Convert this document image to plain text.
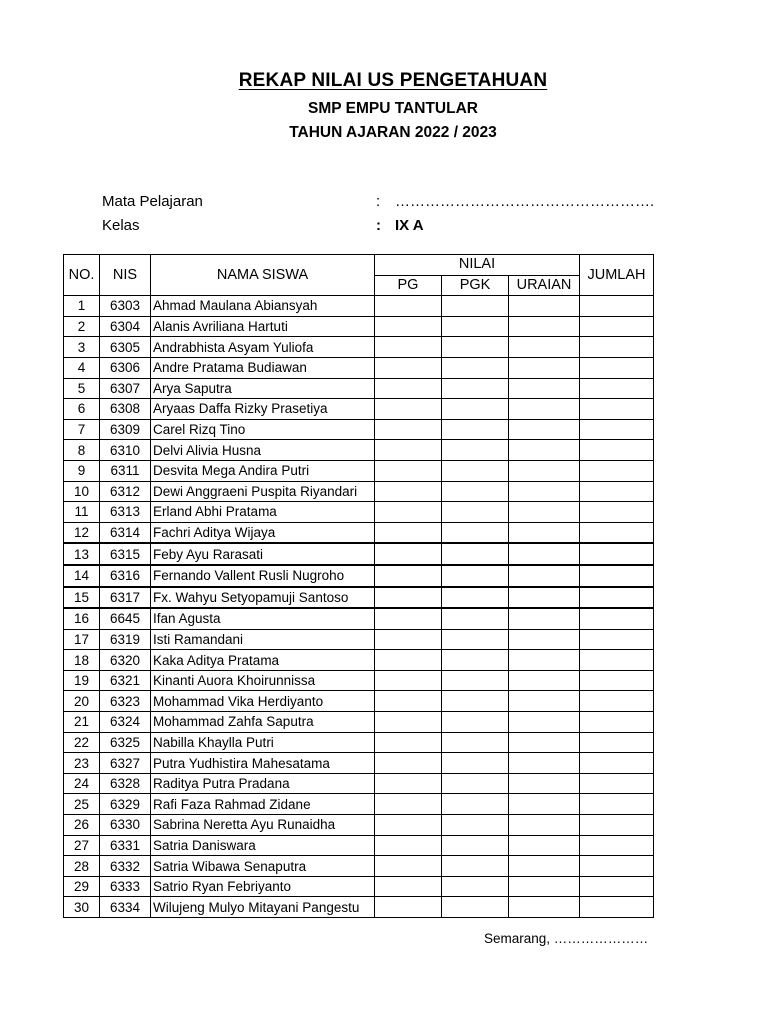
REKAP NILAI US PENGETAHUAN
SMP EMPU TANTULAR
TAHUN AJARAN 2022 / 2023
Mata Pelajaran	: …………………………………………….
Kelas	: IX A
NO.	NIS	NAMA SISWA	NILAI			JUMLAH
			PG	PGK	URAIAN	
1	6303	Ahmad Maulana Abiansyah				
2	6304	Alanis Avriliana Hartuti				
3	6305	Andrabhista Asyam Yuliofa				
4	6306	Andre Pratama Budiawan				
5	6307	Arya Saputra				
6	6308	Aryaas Daffa Rizky Prasetiya				
7	6309	Carel Rizq Tino				
8	6310	Delvi Alivia Husna				
9	6311	Desvita Mega Andira Putri				
10	6312	Dewi Anggraeni Puspita Riyandari				
11	6313	Erland Abhi Pratama				
12	6314	Fachri Aditya Wijaya				
13	6315	Feby Ayu Rarasati				
14	6316	Fernando Vallent Rusli Nugroho				
15	6317	Fx. Wahyu Setyopamuji Santoso				
16	6645	Ifan Agusta				
17	6319	Isti Ramandani				
18	6320	Kaka Aditya Pratama				
19	6321	Kinanti Auora Khoirunnissa				
20	6323	Mohammad Vika Herdiyanto				
21	6324	Mohammad Zahfa Saputra				
22	6325	Nabilla Khaylla Putri				
23	6327	Putra Yudhistira Mahesatama				
24	6328	Raditya Putra Pradana				
25	6329	Rafi Faza Rahmad Zidane				
26	6330	Sabrina Neretta Ayu Runaidha				
27	6331	Satria Daniswara				
28	6332	Satria Wibawa Senaputra				
29	6333	Satrio Ryan Febriyanto				
30	6334	Wilujeng Mulyo Mitayani Pangestu				
Semarang, …………………
